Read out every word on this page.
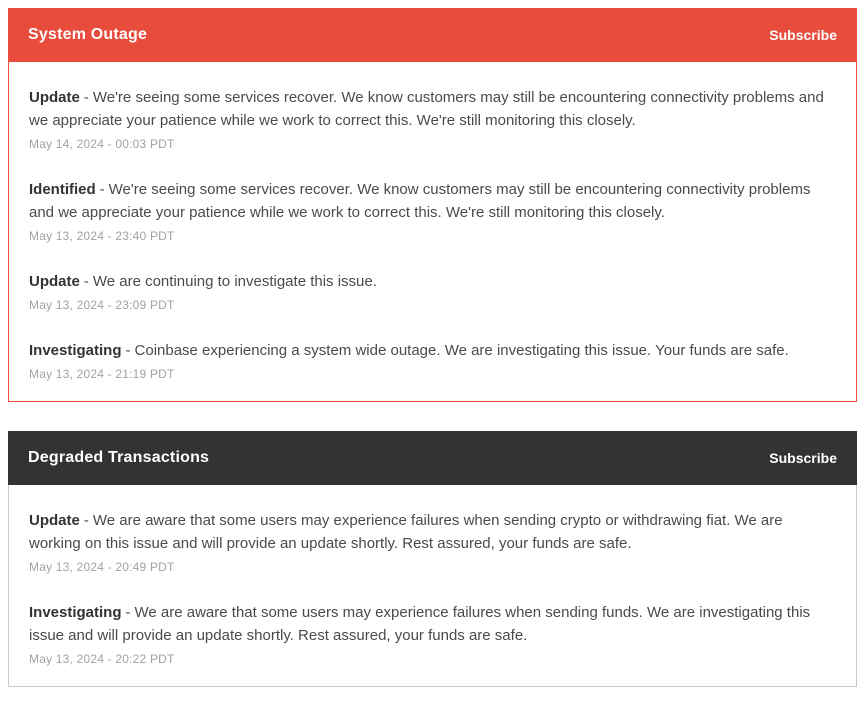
System Outage	Subscribe

Update - We're seeing some services recover. We know customers may still be encountering connectivity problems and we appreciate your patience while we work to correct this. We're still monitoring this closely.

May 14, 2024 - 00:03 PDT

Identified - We're seeing some services recover. We know customers may still be encountering connectivity problems and we appreciate your patience while we work to correct this. We're still monitoring this closely.

May 13, 2024 - 23:40 PDT

Update - We are continuing to investigate this issue.

May 13, 2024 - 23:09 PDT

Investigating - Coinbase experiencing a system wide outage. We are investigating this issue. Your funds are safe.

May 13, 2024 - 21:19 PDT
Degraded Transactions	Subscribe

Update - We are aware that some users may experience failures when sending crypto or withdrawing fiat. We are working on this issue and will provide an update shortly. Rest assured, your funds are safe.

May 13, 2024 - 20:49 PDT

Investigating - We are aware that some users may experience failures when sending funds. We are investigating this issue and will provide an update shortly. Rest assured, your funds are safe.

May 13, 2024 - 20:22 PDT
